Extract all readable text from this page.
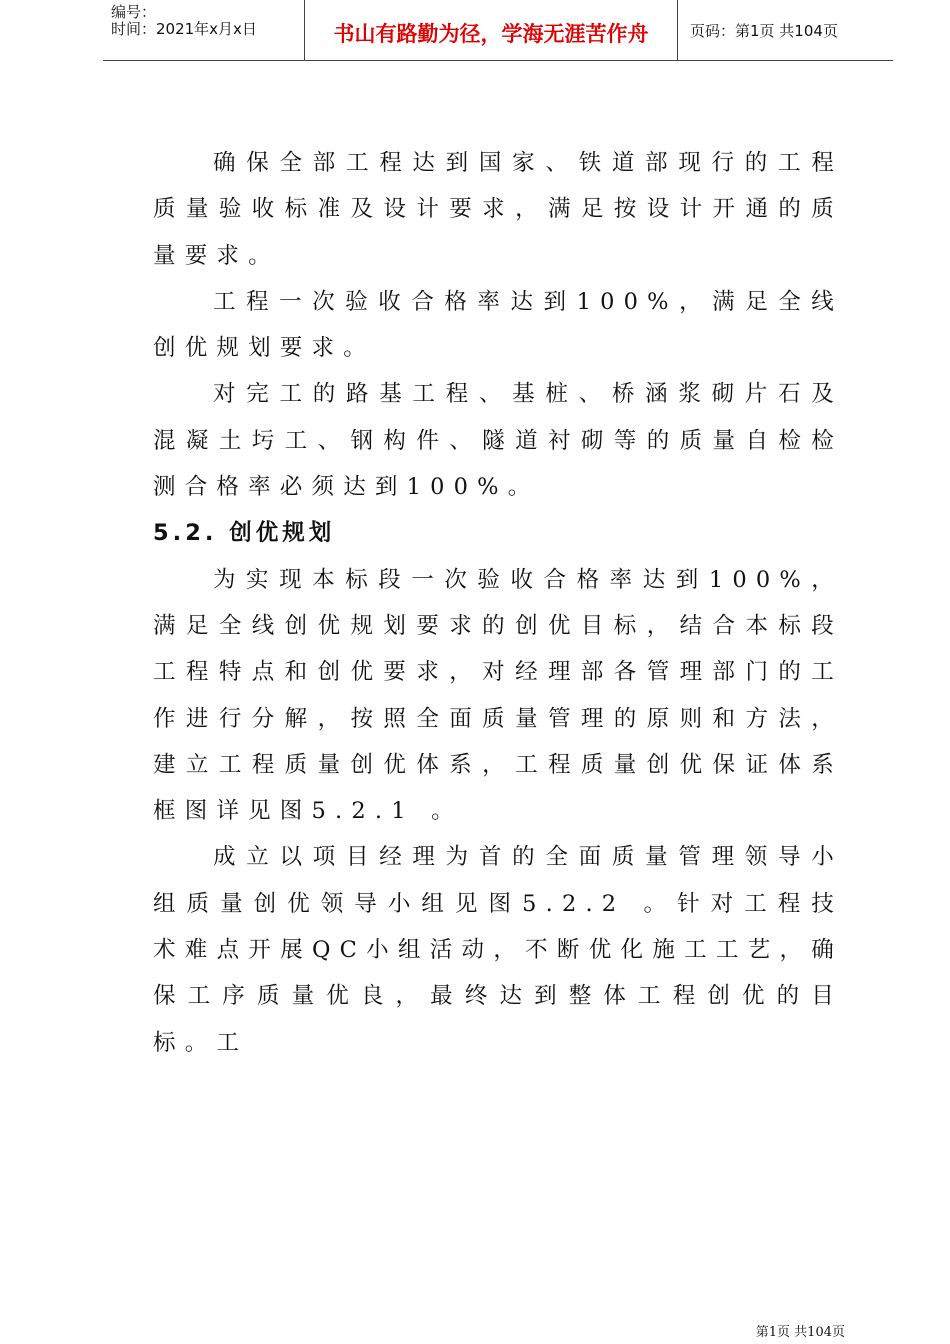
编号：
时间：2021年x月x日	书山有路勤为径，学海无涯苦作舟	页码：第1页 共104页

确保全部工程达到国家、铁道部现行的工程质量验收标准及设计要求，满足按设计开通的质量要求。

工程一次验收合格率达到100%，满足全线创优规划要求。

对完工的路基工程、基桩、桥涵浆砌片石及混凝土圬工、钢构件、隧道衬砌等的质量自检检测合格率必须达到100%。

5.2. 创优规划

为实现本标段一次验收合格率达到100%，满足全线创优规划要求的创优目标，结合本标段工程特点和创优要求，对经理部各管理部门的工作进行分解，按照全面质量管理的原则和方法，建立工程质量创优体系，工程质量创优保证体系框图详见图5.2.1 。

成立以项目经理为首的全面质量管理领导小组质量创优领导小组见图5.2.2 。针对工程技术难点开展QC小组活动，不断优化施工工艺，确保工序质量优良，最终达到整体工程创优的目标。工

第1页 共104页
